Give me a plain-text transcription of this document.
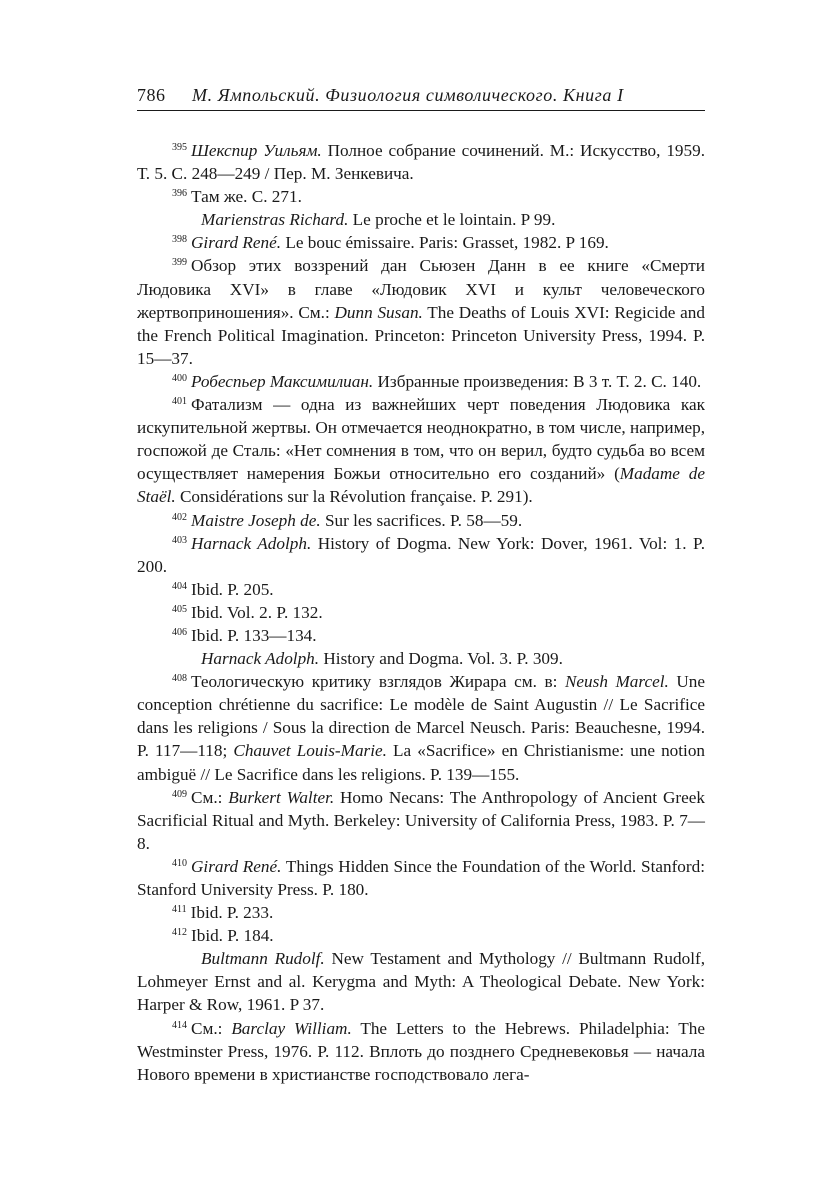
786 М. Ямпольский. Физиология символического. Книга I

$^{395}$ Шекспир Уильям. Полное собрание сочинений. М.: Искусство, 1959. Т. 5. С. 248—249 / Пер. М. Зенкевича.

$^{396}$ Там же. С. 271.

Marienstras Richard. Le proche et le lointain. P 99.

$^{398}$ Girard René. Le bouc émissaire. Paris: Grasset, 1982. P 169.

$^{399}$ Обзор этих воззрений дан Сьюзен Данн в ее книге «Смерти Людовика XVI» в главе «Людовик XVI и культ человеческого жертвоприношения». См.: Dunn Susan. The Deaths of Louis XVI: Regicide and the French Political Imagination. Princeton: Princeton University Press, 1994. P. 15—37.

$^{400}$ Робеспьер Максимилиан. Избранные произведения: В 3 т. Т. 2. С. 140.

$^{401}$ Фатализм — одна из важнейших черт поведения Людовика как искупительной жертвы. Он отмечается неоднократно, в том числе, например, госпожой де Сталь: «Нет сомнения в том, что он верил, будто судьба во всем осуществляет намерения Божьи относительно его созданий» (Madame de Staël. Considérations sur la Révolution française. P. 291).

$^{402}$ Maistre Joseph de. Sur les sacrifices. P. 58—59.

$^{403}$ Harnack Adolph. History of Dogma. New York: Dover, 1961. Vol: 1. P. 200.

$^{404}$ Ibid. P. 205.

$^{405}$ Ibid. Vol. 2. P. 132.

$^{406}$ Ibid. P. 133—134.

Harnack Adolph. History and Dogma. Vol. 3. P. 309.

$^{408}$ Теологическую критику взглядов Жирара см. в: Neush Marcel. Une conception chrétienne du sacrifice: Le modèle de Saint Augustin // Le Sacrifice dans les religions / Sous la direction de Marcel Neusch. Paris: Beauchesne, 1994. P. 117—118; Chauvet Louis-Marie. La «Sacrifice» en Christianisme: une notion ambiguë // Le Sacrifice dans les religions. P. 139—155.

$^{409}$ См.: Burkert Walter. Homo Necans: The Anthropology of Ancient Greek Sacrificial Ritual and Myth. Berkeley: University of California Press, 1983. P. 7—8.

$^{410}$ Girard René. Things Hidden Since the Foundation of the World. Stanford: Stanford University Press. P. 180.

$^{411}$ Ibid. P. 233.

$^{412}$ Ibid. P. 184.

Bultmann Rudolf. New Testament and Mythology // Bultmann Rudolf, Lohmeyer Ernst and al. Kerygma and Myth: A Theological Debate. New York: Harper & Row, 1961. P 37.

$^{414}$ См.: Barclay William. The Letters to the Hebrews. Philadelphia: The Westminster Press, 1976. P. 112. Вплоть до позднего Средневековья — начала Нового времени в христианстве господствовало лега-
